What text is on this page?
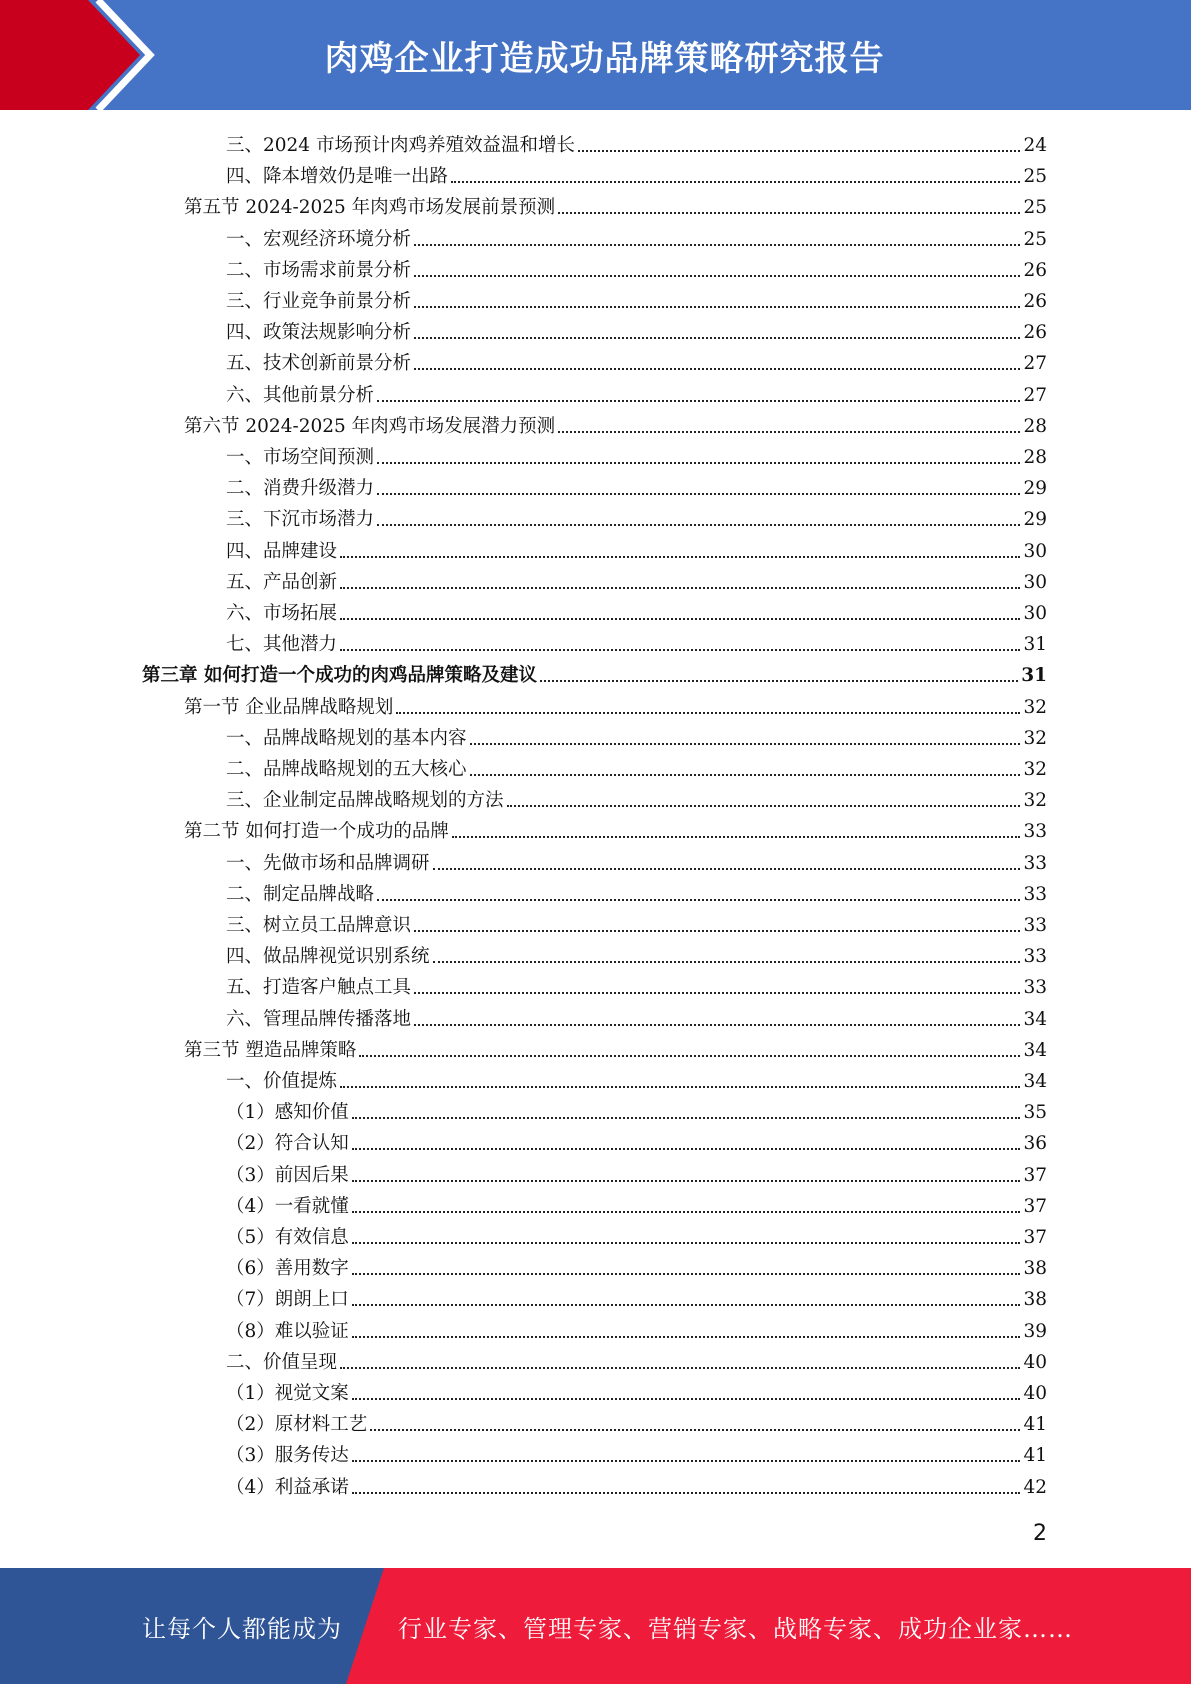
肉鸡企业打造成功品牌策略研究报告
三、2024 市场预计肉鸡养殖效益温和增长	24
四、降本增效仍是唯一出路	25
第五节 2024-2025 年肉鸡市场发展前景预测	25
一、宏观经济环境分析	25
二、市场需求前景分析	26
三、行业竞争前景分析	26
四、政策法规影响分析	26
五、技术创新前景分析	27
六、其他前景分析	27
第六节 2024-2025 年肉鸡市场发展潜力预测	28
一、市场空间预测	28
二、消费升级潜力	29
三、下沉市场潜力	29
四、品牌建设	30
五、产品创新	30
六、市场拓展	30
七、其他潜力	31
第三章 如何打造一个成功的肉鸡品牌策略及建议	31
第一节 企业品牌战略规划	32
一、品牌战略规划的基本内容	32
二、品牌战略规划的五大核心	32
三、企业制定品牌战略规划的方法	32
第二节 如何打造一个成功的品牌	33
一、先做市场和品牌调研	33
二、制定品牌战略	33
三、树立员工品牌意识	33
四、做品牌视觉识别系统	33
五、打造客户触点工具	33
六、管理品牌传播落地	34
第三节 塑造品牌策略	34
一、价值提炼	34
（1）感知价值	35
（2）符合认知	36
（3）前因后果	37
（4）一看就懂	37
（5）有效信息	37
（6）善用数字	38
（7）朗朗上口	38
（8）难以验证	39
二、价值呈现	40
（1）视觉文案	40
（2）原材料工艺	41
（3）服务传达	41
（4）利益承诺	42
2
让每个人都能成为 行业专家、管理专家、营销专家、战略专家、成功企业家……
